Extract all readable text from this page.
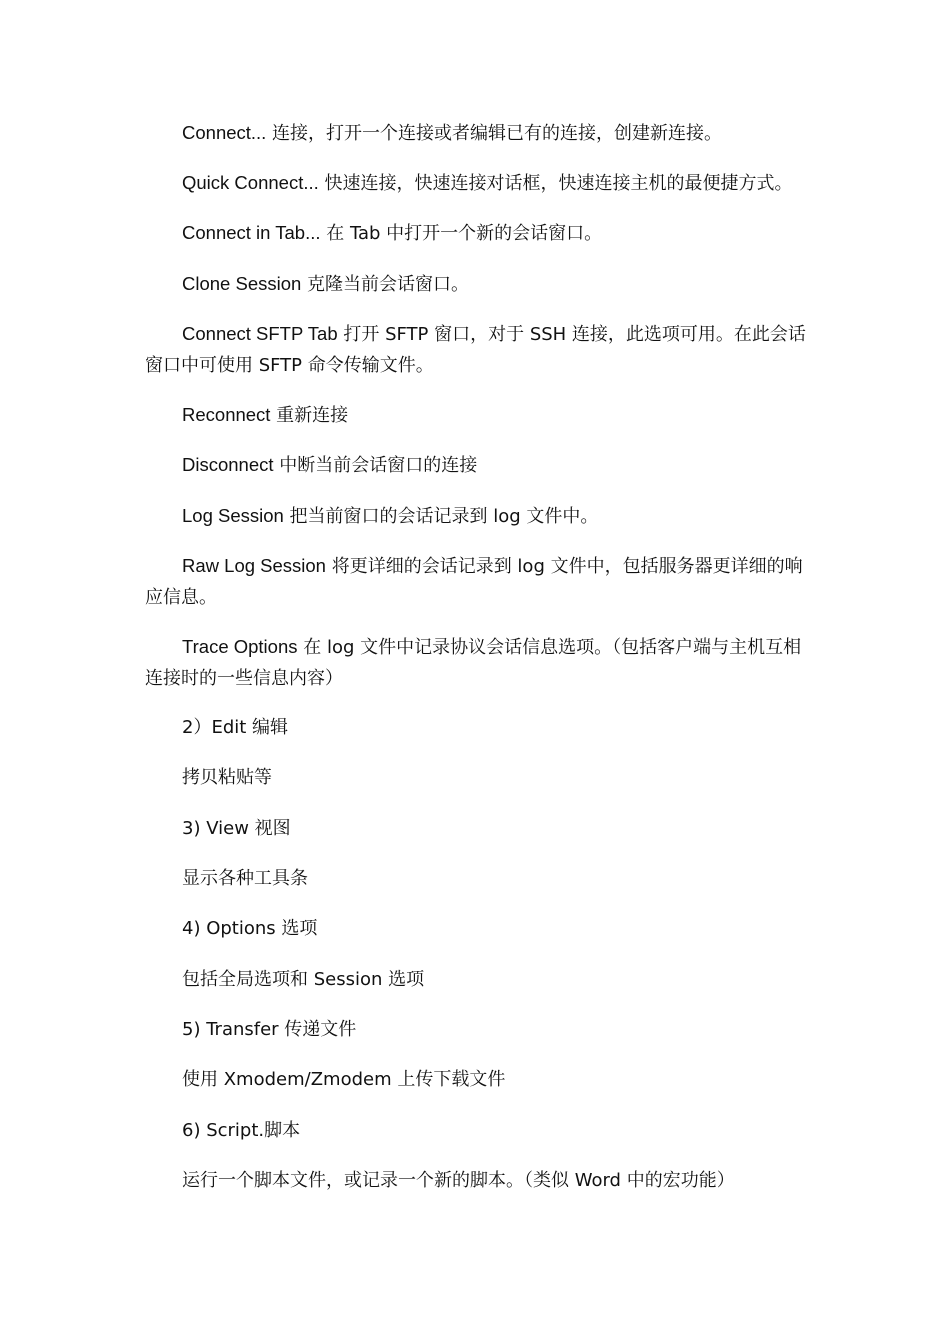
Connect... 连接，打开一个连接或者编辑已有的连接，创建新连接。

Quick Connect... 快速连接，快速连接对话框，快速连接主机的最便捷方式。

Connect in Tab... 在 Tab 中打开一个新的会话窗口。

Clone Session 克隆当前会话窗口。

Connect SFTP Tab 打开 SFTP 窗口，对于 SSH 连接，此选项可用。在此会话窗口中可使用 SFTP 命令传输文件。

Reconnect 重新连接

Disconnect 中断当前会话窗口的连接

Log Session 把当前窗口的会话记录到 log 文件中。

Raw Log Session 将更详细的会话记录到 log 文件中，包括服务器更详细的响应信息。

Trace Options 在 log 文件中记录协议会话信息选项。（包括客户端与主机互相连接时的一些信息内容）

2）Edit 编辑

拷贝粘贴等

3) View 视图

显示各种工具条

4) Options 选项

包括全局选项和 Session 选项

5) Transfer 传递文件

使用 Xmodem/Zmodem 上传下载文件

6) Script.脚本

运行一个脚本文件，或记录一个新的脚本。（类似 Word 中的宏功能）
